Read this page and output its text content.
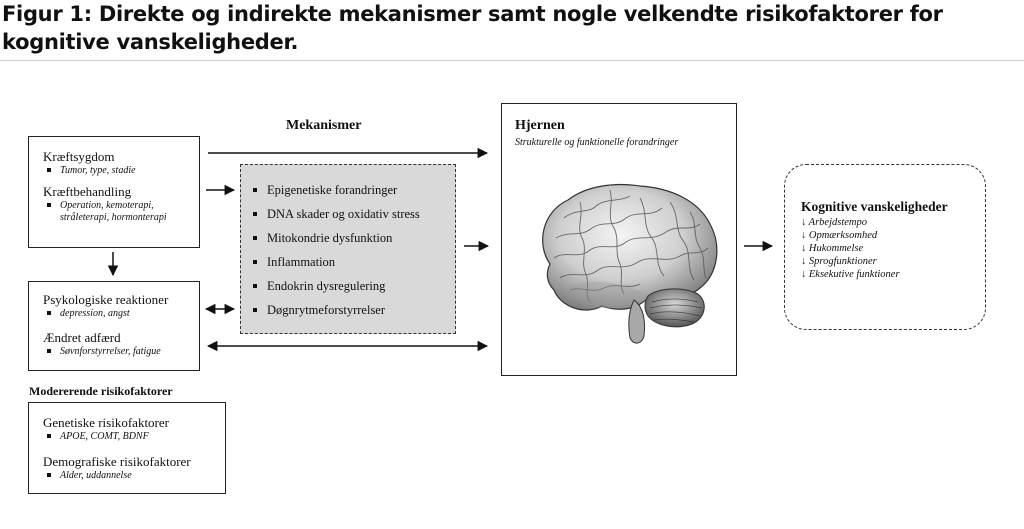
Figur 1: Direkte og indirekte mekanismer samt nogle velkendte risikofaktorer for kognitive vanskeligheder.
Kræftsygdom
Tumor, type, stadie
Kræftbehandling
Operation, kemoterapi,
stråleterapi, hormonterapi
Psykologiske reaktioner
depression, angst
Ændret adfærd
Søvnforstyrrelser, fatigue
Mekanismer
Epigenetiske forandringer
DNA skader og oxidativ stress
Mitokondrie dysfunktion
Inflammation
Endokrin dysregulering
Døgnrytmeforstyrrelser
Hjernen
Strukturelle og funktionelle forandringer
Kognitive vanskeligheder
↓ Arbejdstempo
↓ Opmærksomhed
↓ Hukommelse
↓ Sprogfunktioner
↓ Eksekutive funktioner
Modererende risikofaktorer
Genetiske risikofaktorer
APOE, COMT, BDNF
Demografiske risikofaktorer
Alder, uddannelse
